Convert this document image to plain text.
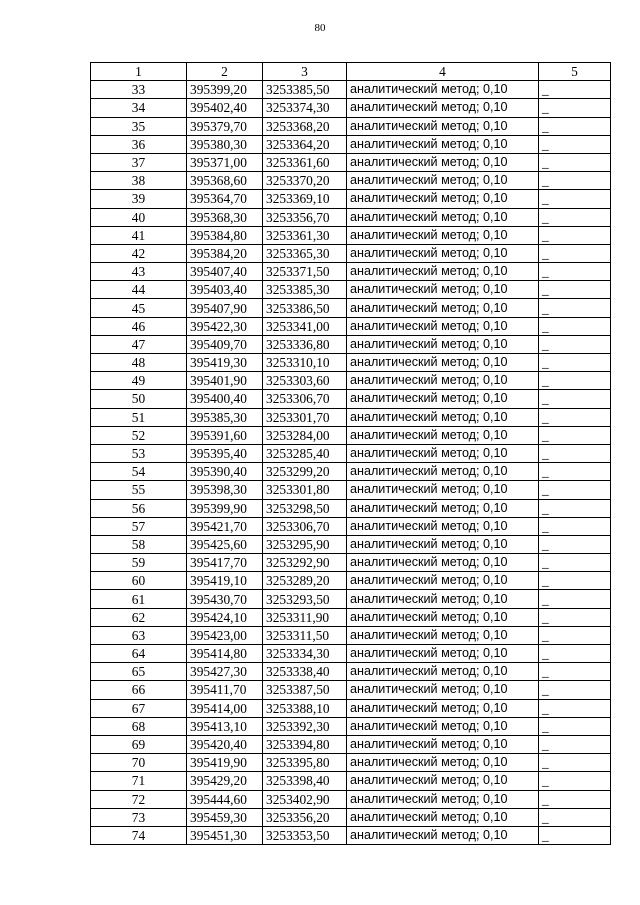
80
1	2	3	4	5
33	395399,20	3253385,50	аналитический метод; 0,10	_
34	395402,40	3253374,30	аналитический метод; 0,10	_
35	395379,70	3253368,20	аналитический метод; 0,10	_
36	395380,30	3253364,20	аналитический метод; 0,10	_
37	395371,00	3253361,60	аналитический метод; 0,10	_
38	395368,60	3253370,20	аналитический метод; 0,10	_
39	395364,70	3253369,10	аналитический метод; 0,10	_
40	395368,30	3253356,70	аналитический метод; 0,10	_
41	395384,80	3253361,30	аналитический метод; 0,10	_
42	395384,20	3253365,30	аналитический метод; 0,10	_
43	395407,40	3253371,50	аналитический метод; 0,10	_
44	395403,40	3253385,30	аналитический метод; 0,10	_
45	395407,90	3253386,50	аналитический метод; 0,10	_
46	395422,30	3253341,00	аналитический метод; 0,10	_
47	395409,70	3253336,80	аналитический метод; 0,10	_
48	395419,30	3253310,10	аналитический метод; 0,10	_
49	395401,90	3253303,60	аналитический метод; 0,10	_
50	395400,40	3253306,70	аналитический метод; 0,10	_
51	395385,30	3253301,70	аналитический метод; 0,10	_
52	395391,60	3253284,00	аналитический метод; 0,10	_
53	395395,40	3253285,40	аналитический метод; 0,10	_
54	395390,40	3253299,20	аналитический метод; 0,10	_
55	395398,30	3253301,80	аналитический метод; 0,10	_
56	395399,90	3253298,50	аналитический метод; 0,10	_
57	395421,70	3253306,70	аналитический метод; 0,10	_
58	395425,60	3253295,90	аналитический метод; 0,10	_
59	395417,70	3253292,90	аналитический метод; 0,10	_
60	395419,10	3253289,20	аналитический метод; 0,10	_
61	395430,70	3253293,50	аналитический метод; 0,10	_
62	395424,10	3253311,90	аналитический метод; 0,10	_
63	395423,00	3253311,50	аналитический метод; 0,10	_
64	395414,80	3253334,30	аналитический метод; 0,10	_
65	395427,30	3253338,40	аналитический метод; 0,10	_
66	395411,70	3253387,50	аналитический метод; 0,10	_
67	395414,00	3253388,10	аналитический метод; 0,10	_
68	395413,10	3253392,30	аналитический метод; 0,10	_
69	395420,40	3253394,80	аналитический метод; 0,10	_
70	395419,90	3253395,80	аналитический метод; 0,10	_
71	395429,20	3253398,40	аналитический метод; 0,10	_
72	395444,60	3253402,90	аналитический метод; 0,10	_
73	395459,30	3253356,20	аналитический метод; 0,10	_
74	395451,30	3253353,50	аналитический метод; 0,10	_
